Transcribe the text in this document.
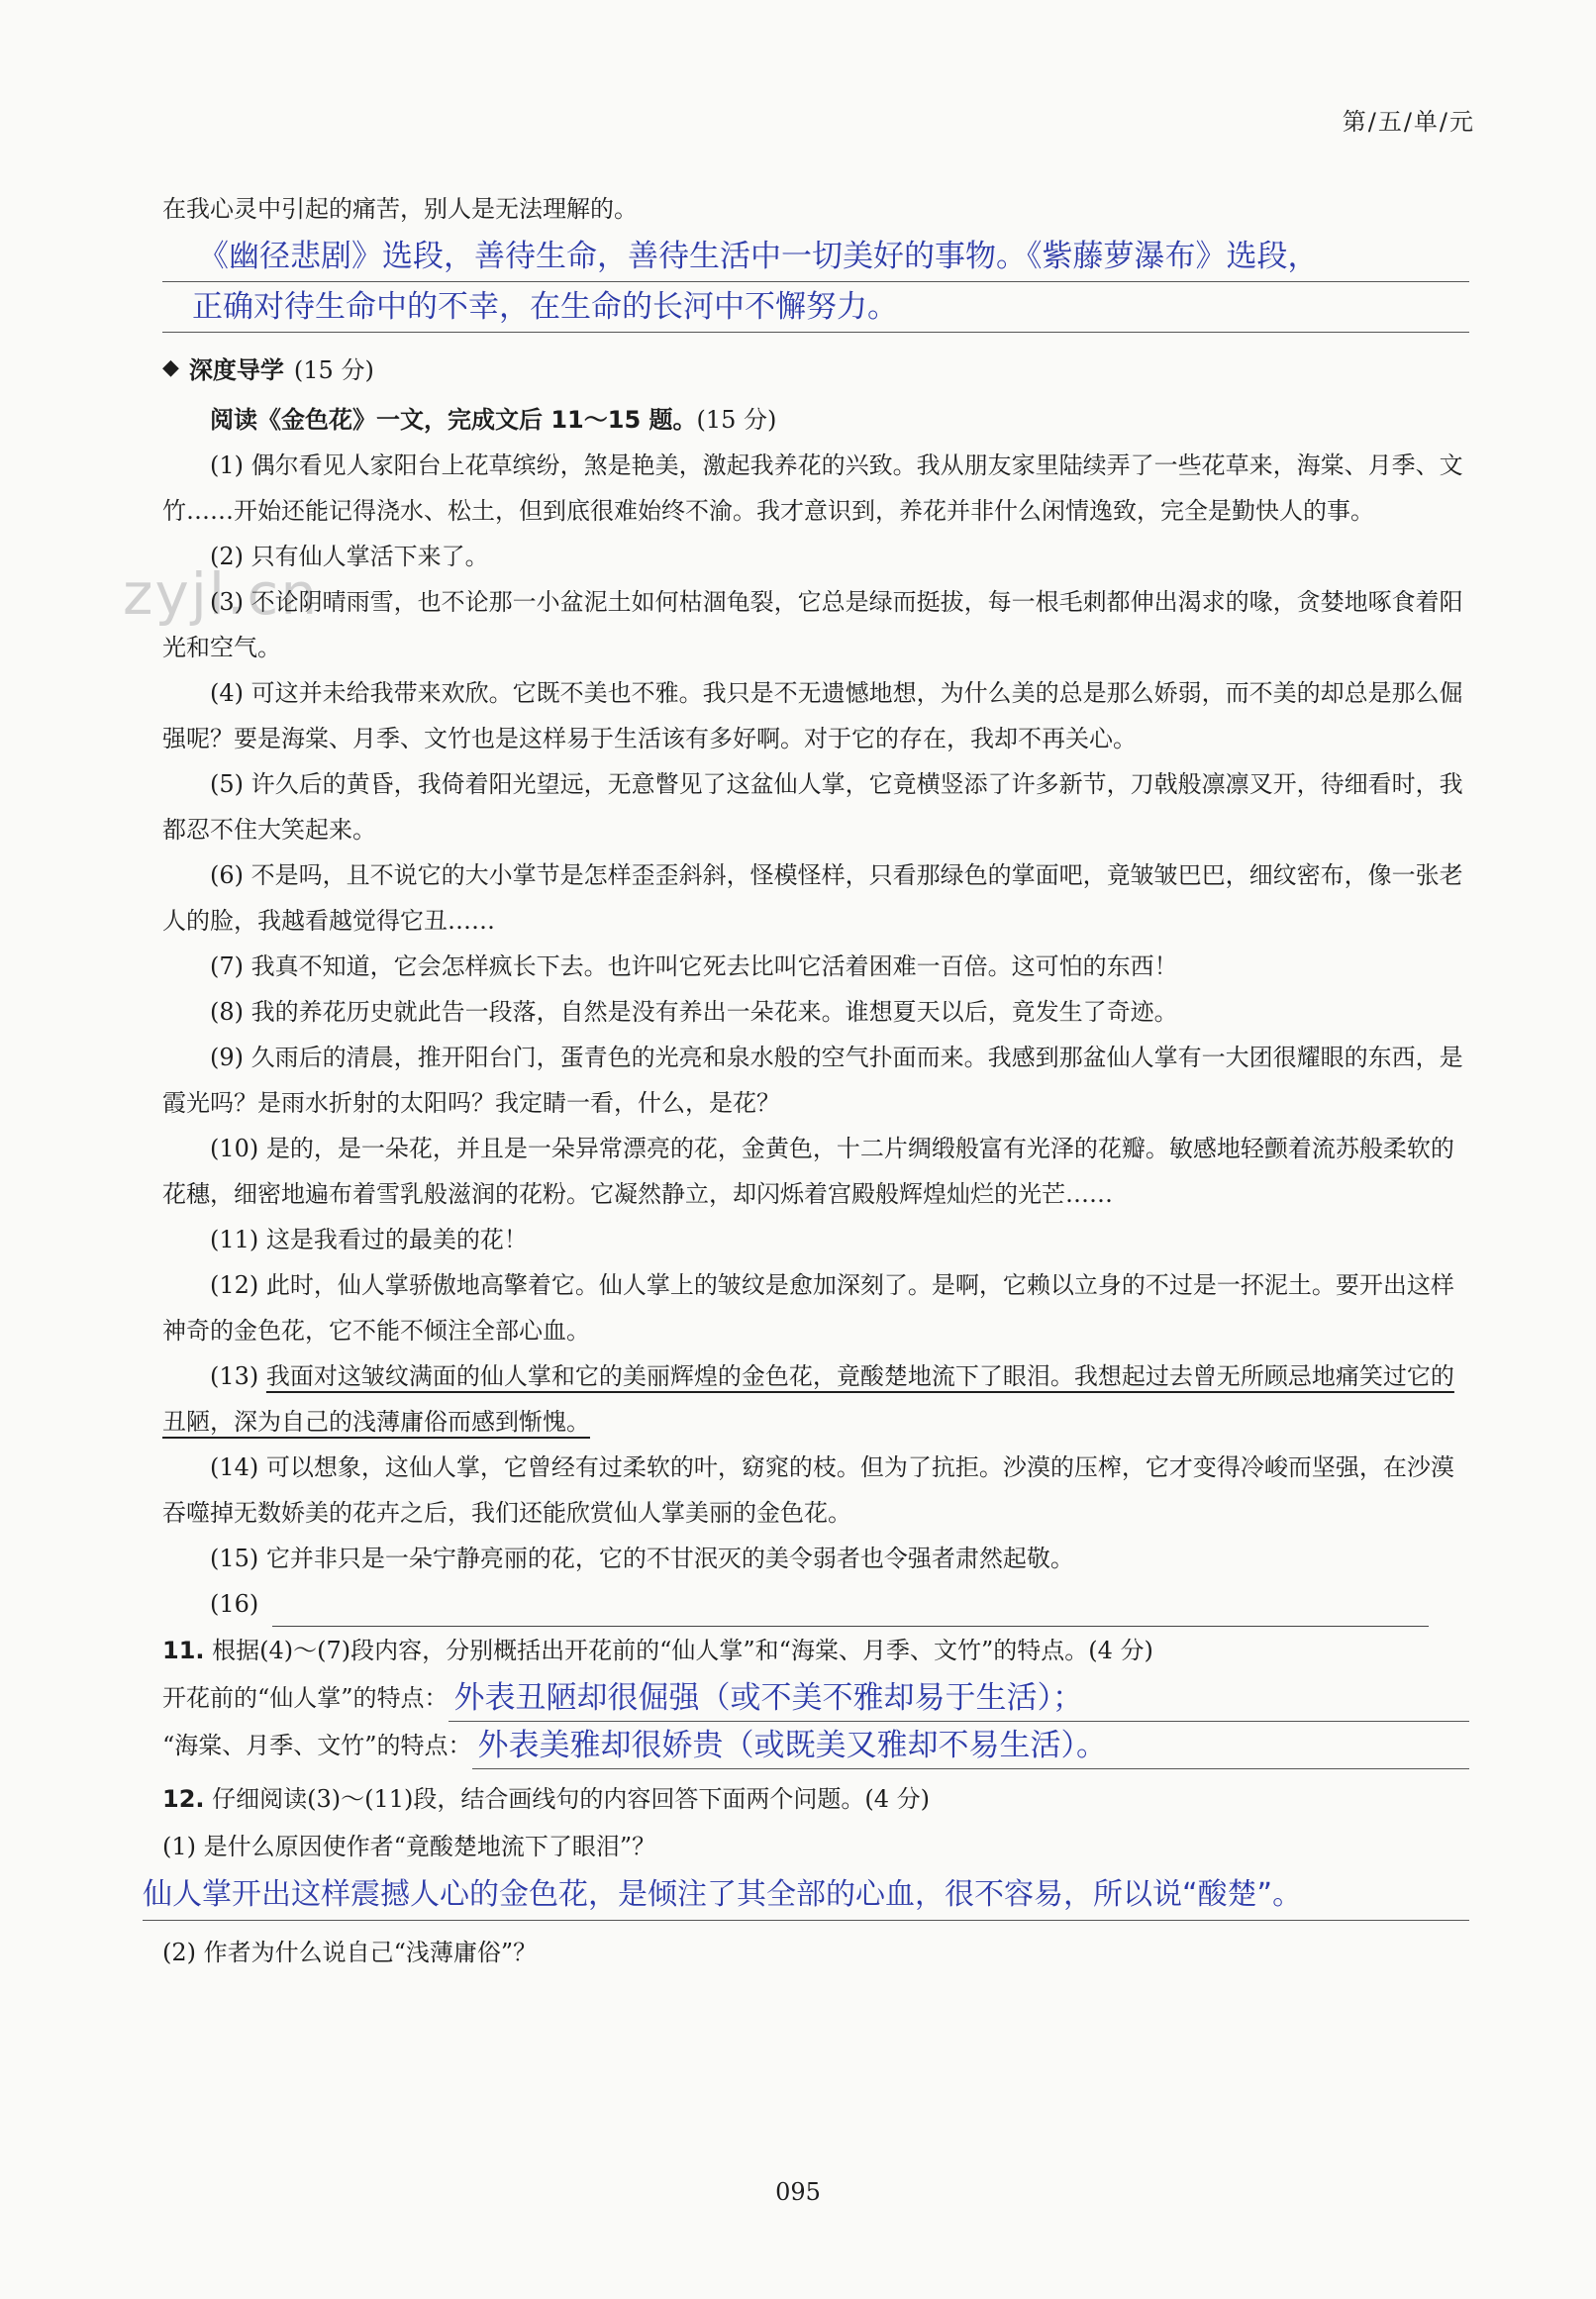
第/五/单/元
zyjl.cn

在我心灵中引起的痛苦，别人是无法理解的。

《幽径悲剧》选段，善待生命，善待生活中一切美好的事物。《紫藤萝瀑布》选段，
正确对待生命中的不幸，在生命的长河中不懈努力。
◆ 深度导学 (15 分)

阅读《金色花》一文，完成文后 11～15 题。(15 分)

(1) 偶尔看见人家阳台上花草缤纷，煞是艳美，激起我养花的兴致。我从朋友家里陆续弄了一些花草来，海棠、月季、文竹……开始还能记得浇水、松土，但到底很难始终不渝。我才意识到，养花并非什么闲情逸致，完全是勤快人的事。

(2) 只有仙人掌活下来了。

(3) 不论阴晴雨雪，也不论那一小盆泥土如何枯涸龟裂，它总是绿而挺拔，每一根毛刺都伸出渴求的喙，贪婪地啄食着阳光和空气。

(4) 可这并未给我带来欢欣。它既不美也不雅。我只是不无遗憾地想，为什么美的总是那么娇弱，而不美的却总是那么倔强呢？要是海棠、月季、文竹也是这样易于生活该有多好啊。对于它的存在，我却不再关心。

(5) 许久后的黄昏，我倚着阳光望远，无意瞥见了这盆仙人掌，它竟横竖添了许多新节，刀戟般凛凛叉开，待细看时，我都忍不住大笑起来。

(6) 不是吗，且不说它的大小掌节是怎样歪歪斜斜，怪模怪样，只看那绿色的掌面吧，竟皱皱巴巴，细纹密布，像一张老人的脸，我越看越觉得它丑……

(7) 我真不知道，它会怎样疯长下去。也许叫它死去比叫它活着困难一百倍。这可怕的东西！

(8) 我的养花历史就此告一段落，自然是没有养出一朵花来。谁想夏天以后，竟发生了奇迹。

(9) 久雨后的清晨，推开阳台门，蛋青色的光亮和泉水般的空气扑面而来。我感到那盆仙人掌有一大团很耀眼的东西，是霞光吗？是雨水折射的太阳吗？我定睛一看，什么，是花？

(10) 是的，是一朵花，并且是一朵异常漂亮的花，金黄色，十二片绸缎般富有光泽的花瓣。敏感地轻颤着流苏般柔软的花穗，细密地遍布着雪乳般滋润的花粉。它凝然静立，却闪烁着宫殿般辉煌灿烂的光芒……

(11) 这是我看过的最美的花！

(12) 此时，仙人掌骄傲地高擎着它。仙人掌上的皱纹是愈加深刻了。是啊，它赖以立身的不过是一抔泥土。要开出这样神奇的金色花，它不能不倾注全部心血。

(13) 我面对这皱纹满面的仙人掌和它的美丽辉煌的金色花，竟酸楚地流下了眼泪。我想起过去曾无所顾忌地痛笑过它的丑陋，深为自己的浅薄庸俗而感到惭愧。

(14) 可以想象，这仙人掌，它曾经有过柔软的叶，窈窕的枝。但为了抗拒。沙漠的压榨，它才变得冷峻而坚强，在沙漠吞噬掉无数娇美的花卉之后，我们还能欣赏仙人掌美丽的金色花。

(15) 它并非只是一朵宁静亮丽的花，它的不甘泯灭的美令弱者也令强者肃然起敬。

(16)

11. 根据(4)～(7)段内容，分别概括出开花前的“仙人掌”和“海棠、月季、文竹”的特点。(4 分)

开花前的“仙人掌”的特点： 外表丑陋却很倔强（或不美不雅却易于生活）；
“海棠、月季、文竹”的特点： 外表美雅却很娇贵（或既美又雅却不易生活）。

12. 仔细阅读(3)～(11)段，结合画线句的内容回答下面两个问题。(4 分)

(1) 是什么原因使作者“竟酸楚地流下了眼泪”？

仙人掌开出这样震撼人心的金色花，是倾注了其全部的心血，很不容易，所以说“酸楚”。

(2) 作者为什么说自己“浅薄庸俗”？

095
